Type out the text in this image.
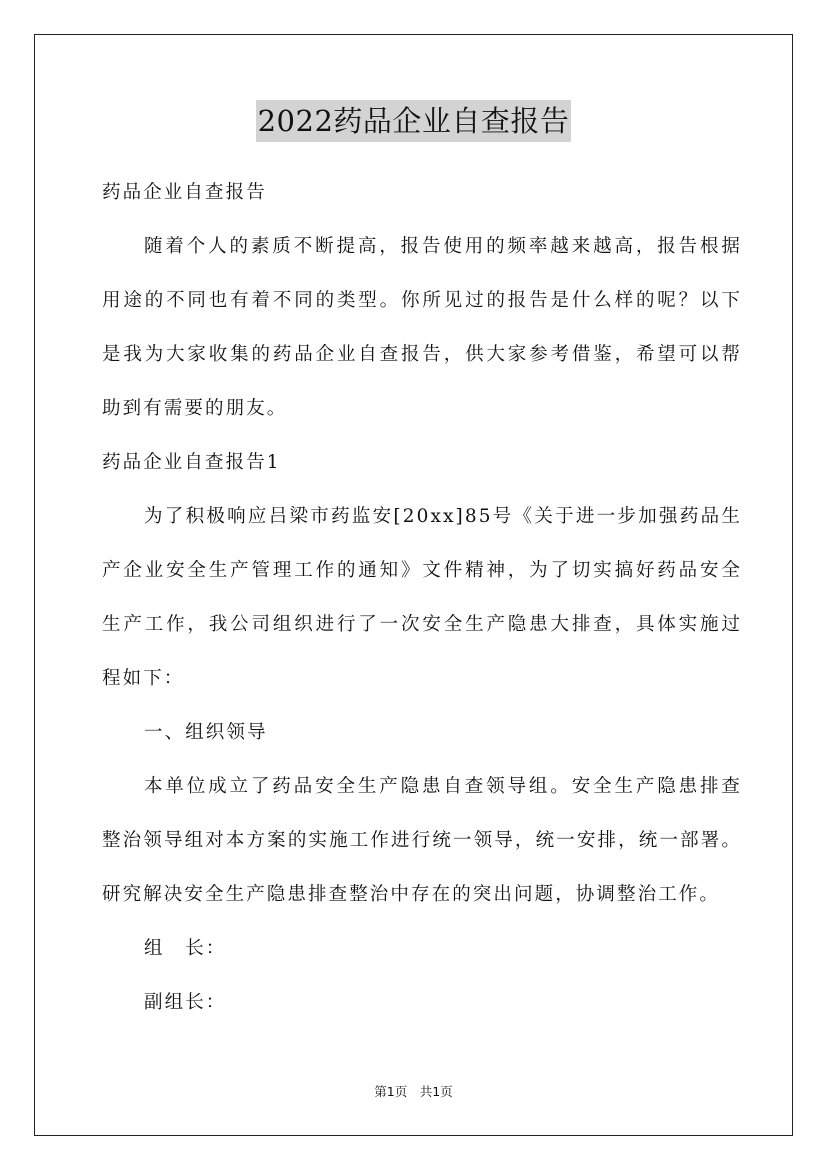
2022药品企业自查报告
药品企业自查报告
随着个人的素质不断提高，报告使用的频率越来越高，报告根据
用途的不同也有着不同的类型。你所见过的报告是什么样的呢？以下
是我为大家收集的药品企业自查报告，供大家参考借鉴，希望可以帮
助到有需要的朋友。
药品企业自查报告1
为了积极响应吕梁市药监安[20xx]85号《关于进一步加强药品生
产企业安全生产管理工作的通知》文件精神，为了切实搞好药品安全
生产工作，我公司组织进行了一次安全生产隐患大排查，具体实施过
程如下：
一、组织领导
本单位成立了药品安全生产隐患自查领导组。安全生产隐患排查
整治领导组对本方案的实施工作进行统一领导，统一安排，统一部署。
研究解决安全生产隐患排查整治中存在的突出问题，协调整治工作。
组　长：
副组长：
第1页　共1页
